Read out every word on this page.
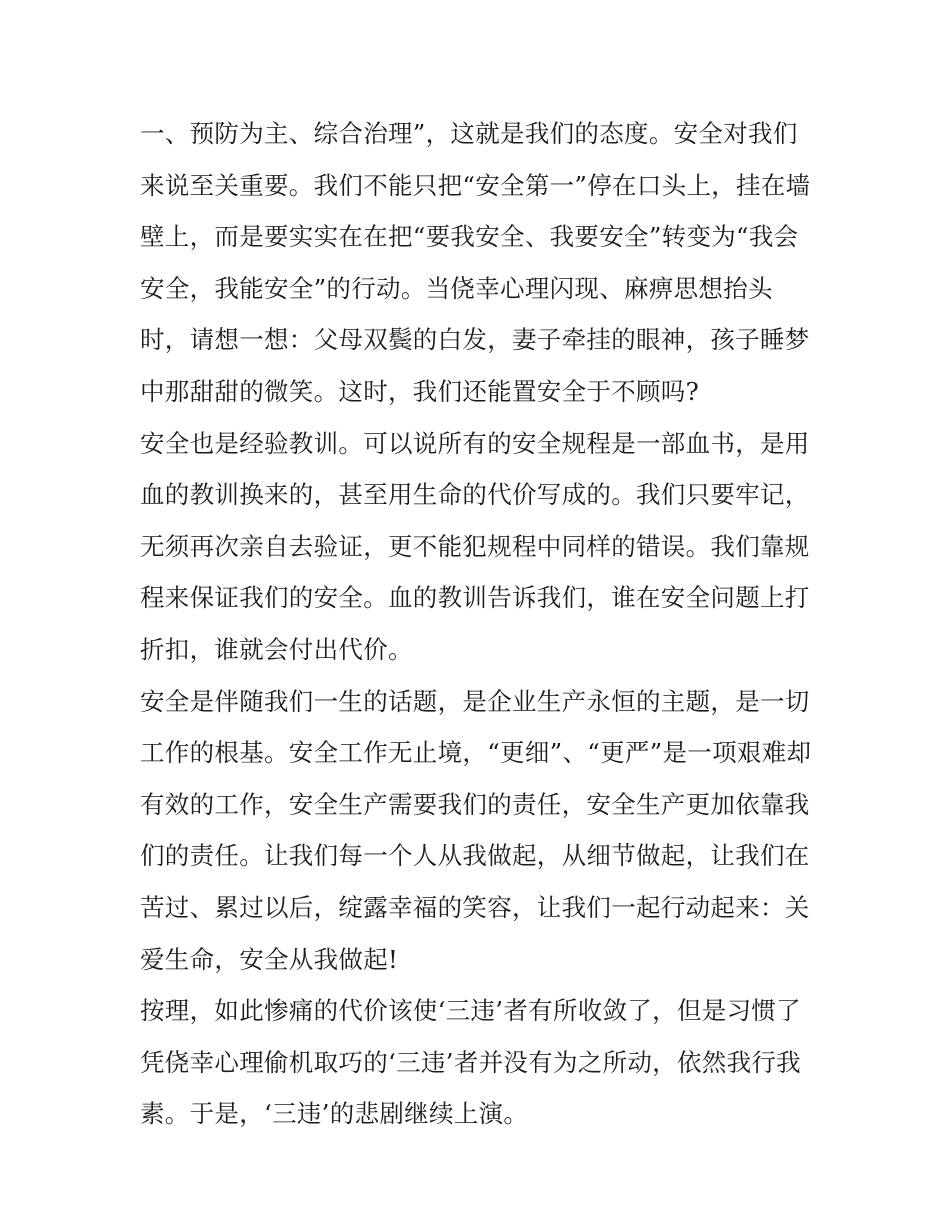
一、预防为主、综合治理”，这就是我们的态度。安全对我们
来说至关重要。我们不能只把“安全第一”停在口头上，挂在墙
壁上，而是要实实在在把“要我安全、我要安全”转变为“我会
安全，我能安全”的行动。当侥幸心理闪现、麻痹思想抬头
时，请想一想：父母双鬓的白发，妻子牵挂的眼神，孩子睡梦
中那甜甜的微笑。这时，我们还能置安全于不顾吗?
安全也是经验教训。可以说所有的安全规程是一部血书，是用
血的教训换来的，甚至用生命的代价写成的。我们只要牢记，
无须再次亲自去验证，更不能犯规程中同样的错误。我们靠规
程来保证我们的安全。血的教训告诉我们，谁在安全问题上打
折扣，谁就会付出代价。
安全是伴随我们一生的话题，是企业生产永恒的主题，是一切
工作的根基。安全工作无止境，“更细”、“更严”是一项艰难却
有效的工作，安全生产需要我们的责任，安全生产更加依靠我
们的责任。让我们每一个人从我做起，从细节做起，让我们在
苦过、累过以后，绽露幸福的笑容，让我们一起行动起来：关
爱生命，安全从我做起!
按理，如此惨痛的代价该使‘三违’者有所收敛了，但是习惯了
凭侥幸心理偷机取巧的‘三违’者并没有为之所动，依然我行我
素。于是，‘三违’的悲剧继续上演。
